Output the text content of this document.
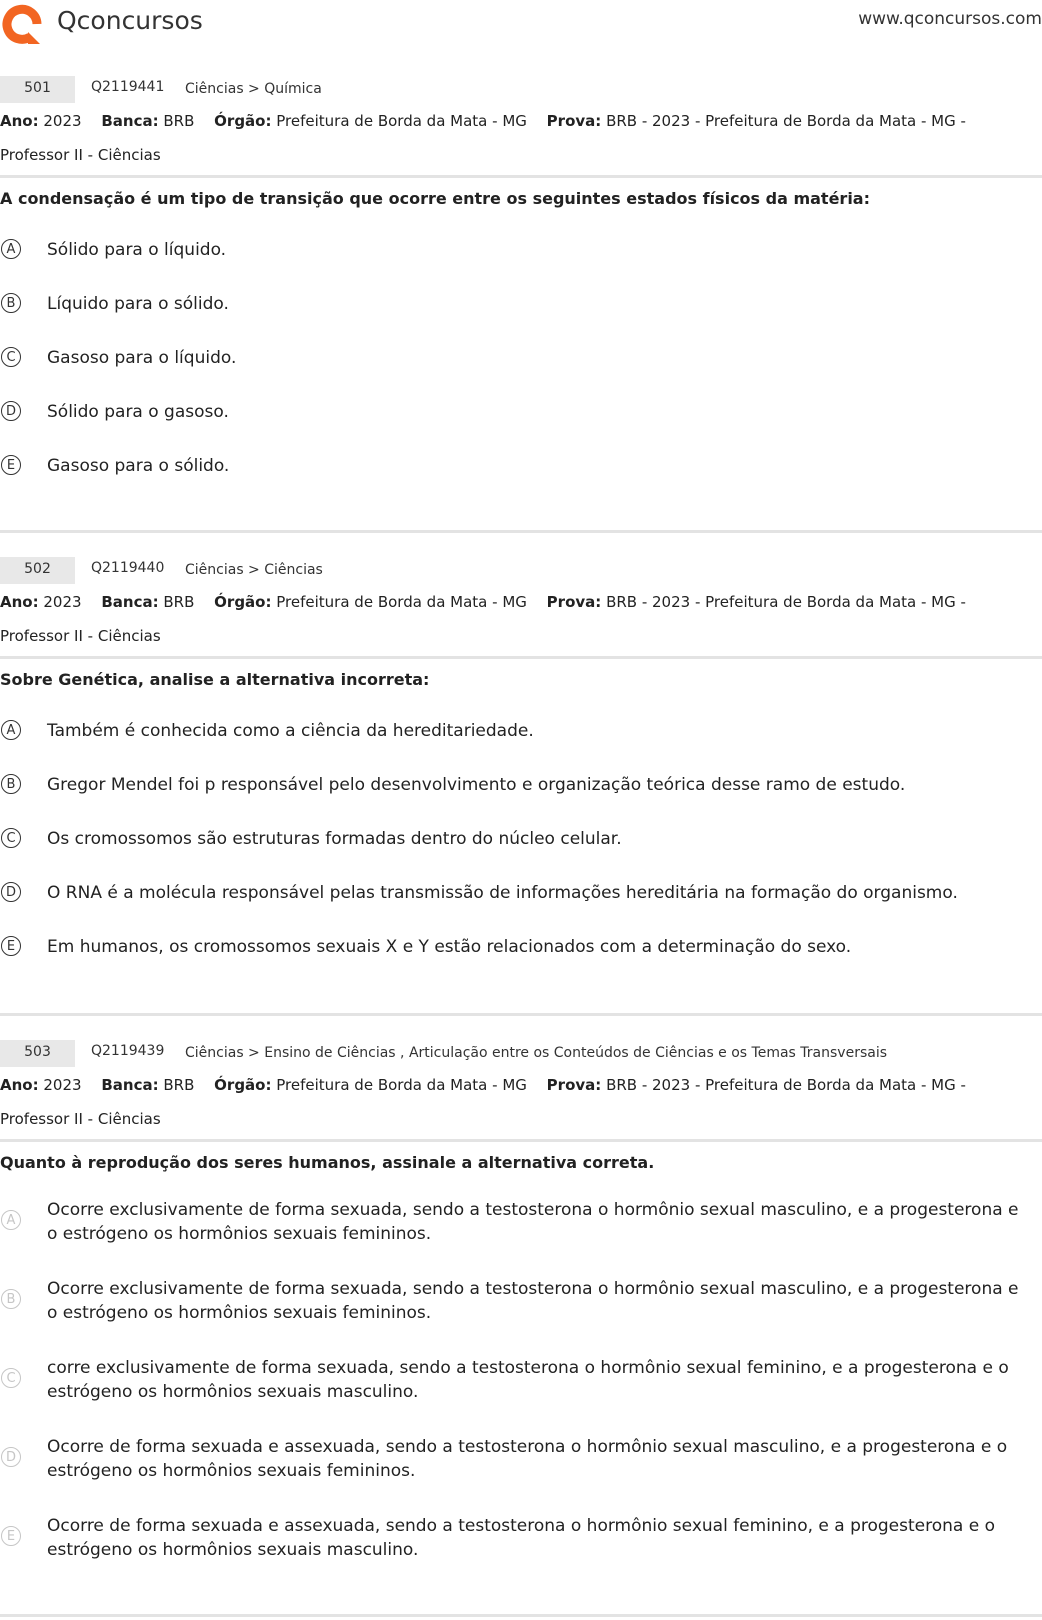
Qconcursos	www.qconcursos.com
501	Q2119441 Ciências > Química
Ano: 2023 Banca: BRB Órgão: Prefeitura de Borda da Mata - MG Prova: BRB - 2023 - Prefeitura de Borda da Mata - MG - Professor II - Ciências
A condensação é um tipo de transição que ocorre entre os seguintes estados físicos da matéria:
A	Sólido para o líquido.
B	Líquido para o sólido.
C	Gasoso para o líquido.
D Sólido para o gasoso.
E	Gasoso para o sólido.
502	Q2119440 Ciências > Ciências
Ano: 2023 Banca: BRB Órgão: Prefeitura de Borda da Mata - MG Prova: BRB - 2023 - Prefeitura de Borda da Mata - MG - Professor II - Ciências
Sobre Genética, analise a alternativa incorreta:
A	Também é conhecida como a ciência da hereditariedade.
B	Gregor Mendel foi p responsável pelo desenvolvimento e organização teórica desse ramo de estudo.
C	Os cromossomos são estruturas formadas dentro do núcleo celular.
D O RNA é a molécula responsável pelas transmissão de informações hereditária na formação do organismo.
E	Em humanos, os cromossomos sexuais X e Y estão relacionados com a determinação do sexo.
503	Q2119439 Ciências > Ensino de Ciências , Articulação entre os Conteúdos de Ciências e os Temas Transversais
Ano: 2023 Banca: BRB Órgão: Prefeitura de Borda da Mata - MG Prova: BRB - 2023 - Prefeitura de Borda da Mata - MG - Professor II - Ciências
Quanto à reprodução dos seres humanos, assinale a alternativa correta.
A
Ocorre exclusivamente de forma sexuada, sendo a testosterona o hormônio sexual masculino, e a progesterona e o estrógeno os hormônios sexuais femininos.
B
Ocorre exclusivamente de forma sexuada, sendo a testosterona o hormônio sexual masculino, e a progesterona e o estrógeno os hormônios sexuais femininos.
C
corre exclusivamente de forma sexuada, sendo a testosterona o hormônio sexual feminino, e a progesterona e o estrógeno os hormônios sexuais masculino.
D
Ocorre de forma sexuada e assexuada, sendo a testosterona o hormônio sexual masculino, e a progesterona e o estrógeno os hormônios sexuais femininos.
E
Ocorre de forma sexuada e assexuada, sendo a testosterona o hormônio sexual feminino, e a progesterona e o estrógeno os hormônios sexuais masculino.
